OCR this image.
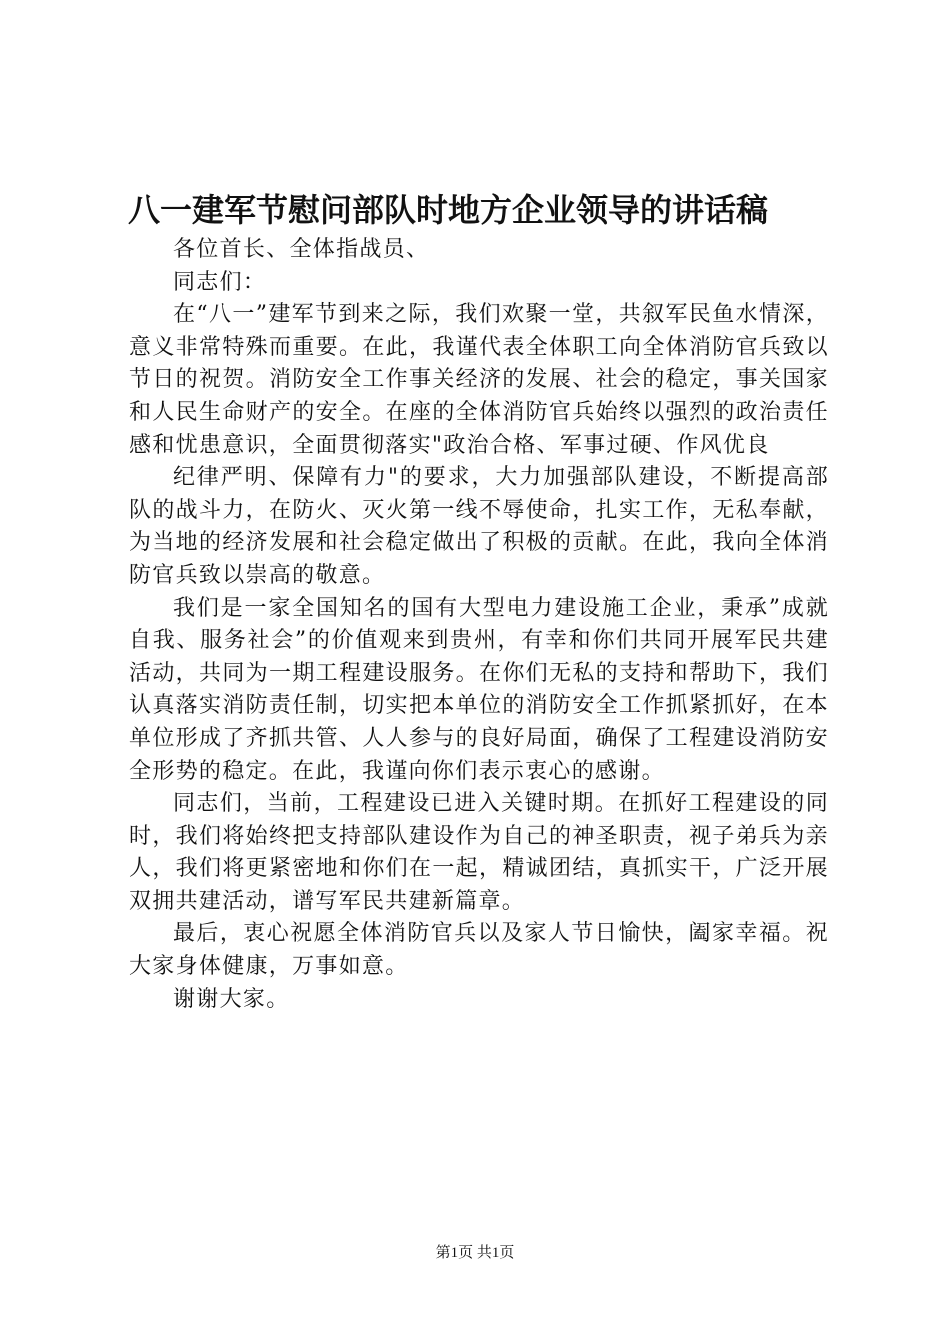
八一建军节慰问部队时地方企业领导的讲话稿

各位首长、全体指战员、

同志们：

在“八一”建军节到来之际，我们欢聚一堂，共叙军民鱼水情深，意义非常特殊而重要。在此，我谨代表全体职工向全体消防官兵致以节日的祝贺。消防安全工作事关经济的发展、社会的稳定，事关国家和人民生命财产的安全。在座的全体消防官兵始终以强烈的政治责任感和忧患意识，全面贯彻落实"政治合格、军事过硬、作风优良

纪律严明、保障有力"的要求，大力加强部队建设，不断提高部队的战斗力，在防火、灭火第一线不辱使命，扎实工作，无私奉献，为当地的经济发展和社会稳定做出了积极的贡献。在此，我向全体消防官兵致以崇高的敬意。

我们是一家全国知名的国有大型电力建设施工企业，秉承”成就自我、服务社会”的价值观来到贵州，有幸和你们共同开展军民共建活动，共同为一期工程建设服务。在你们无私的支持和帮助下，我们认真落实消防责任制，切实把本单位的消防安全工作抓紧抓好，在本单位形成了齐抓共管、人人参与的良好局面，确保了工程建设消防安全形势的稳定。在此，我谨向你们表示衷心的感谢。

同志们，当前，工程建设已进入关键时期。在抓好工程建设的同时，我们将始终把支持部队建设作为自己的神圣职责，视子弟兵为亲人，我们将更紧密地和你们在一起，精诚团结，真抓实干，广泛开展双拥共建活动，谱写军民共建新篇章。

最后，衷心祝愿全体消防官兵以及家人节日愉快，阖家幸福。祝大家身体健康，万事如意。

谢谢大家。

第1页 共1页
